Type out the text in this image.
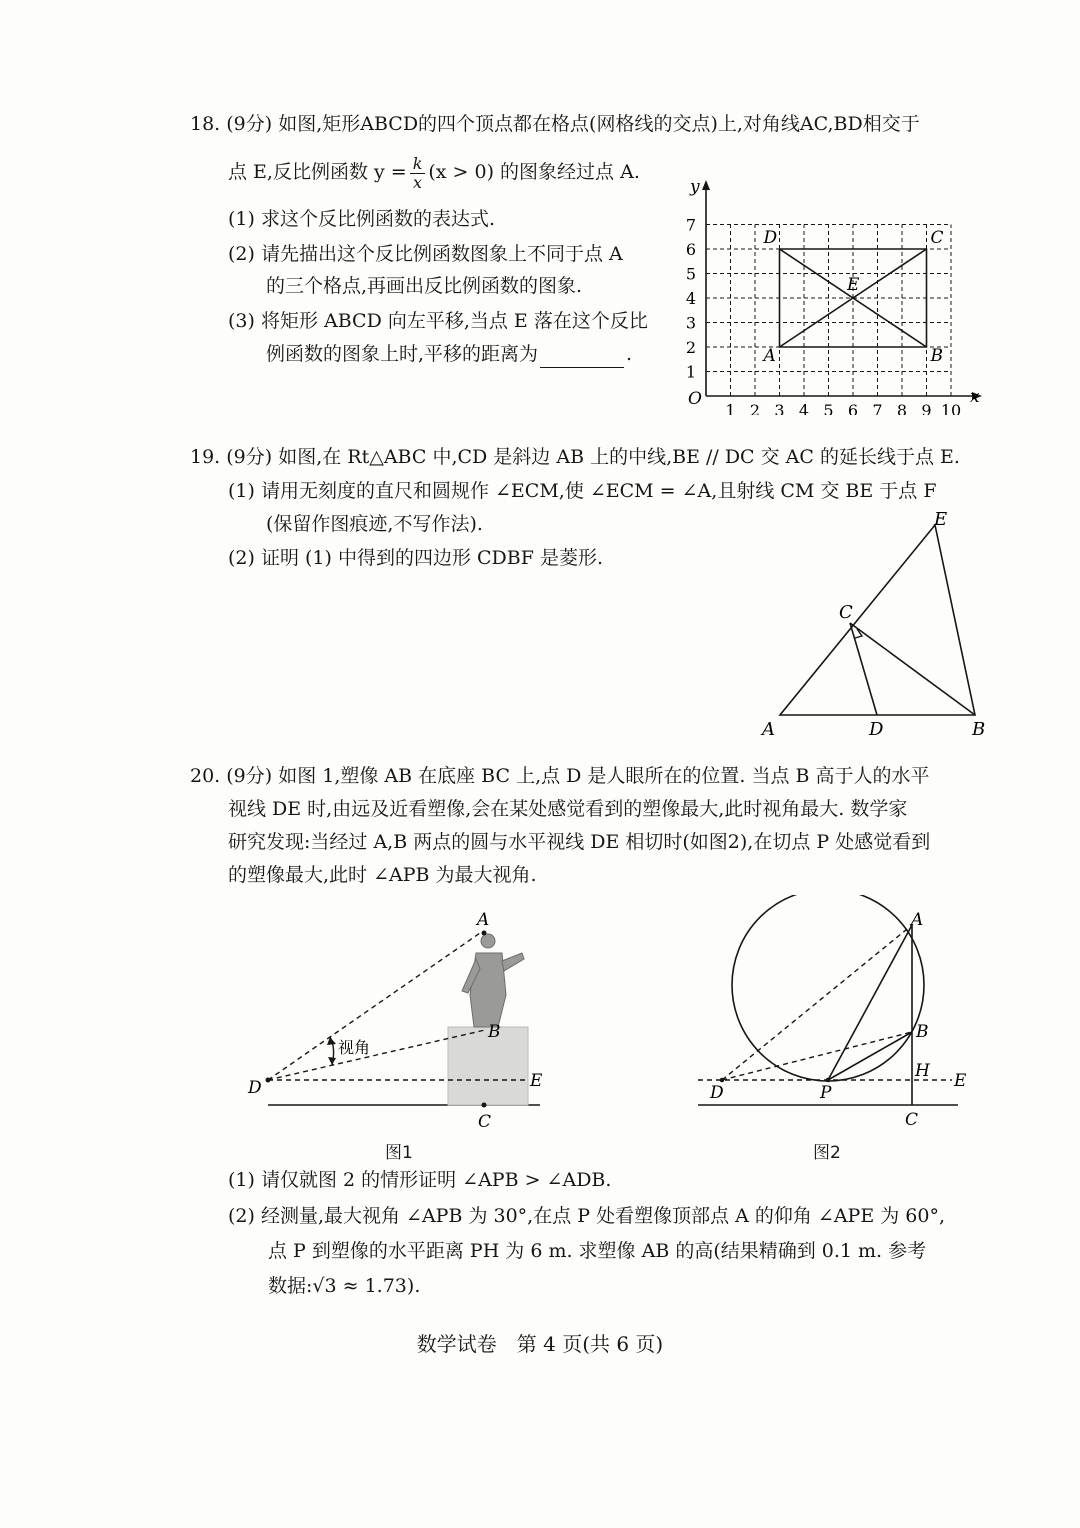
18. (9分) 如图,矩形ABCD的四个顶点都在格点(网格线的交点)上,对角线AC,BD相交于
点 E,反比例函数 $y = \frac{k}{x} (x > 0)$ 的图象经过点 A.
(1) 求这个反比例函数的表达式.
(2) 请先描出这个反比例函数图象上不同于点 A
的三个格点,再画出反比例函数的图象.
(3) 将矩形 ABCD 向左平移,当点 E 落在这个反比
例函数的图象上时,平移的距离为	.
y
x
O
1 2 3 4 5 6 7 8 9 10
1
2
3
4
5
6
7
A	B
C
D
E
19. (9分) 如图,在 Rt△ABC 中,CD 是斜边 AB 上的中线,BE // DC 交 AC 的延长线于点 E.
(1) 请用无刻度的直尺和圆规作 ∠ECM,使 ∠ECM = ∠A,且射线 CM 交 BE 于点 F
(保留作图痕迹,不写作法).
(2) 证明 (1) 中得到的四边形 CDBF 是菱形.
A	D	B
C
E
20. (9分) 如图 1,塑像 AB 在底座 BC 上,点 D 是人眼所在的位置. 当点 B 高于人的水平
视线 DE 时,由远及近看塑像,会在某处感觉看到的塑像最大,此时视角最大. 数学家
研究发现:当经过 A,B 两点的圆与水平视线 DE 相切时(如图2),在切点 P 处感觉看到
的塑像最大,此时 ∠APB 为最大视角.
视角
A
B
C
D	E
图1
A
B
H E
D	P
C
图2
(1) 请仅就图 2 的情形证明 ∠APB > ∠ADB.
(2) 经测量,最大视角 ∠APB 为 30°,在点 P 处看塑像顶部点 A 的仰角 ∠APE 为 60°,
点 P 到塑像的水平距离 PH 为 6 m. 求塑像 AB 的高(结果精确到 0.1 m. 参考
数据:√3 ≈ 1.73).
数学试卷　第 4 页(共 6 页)
